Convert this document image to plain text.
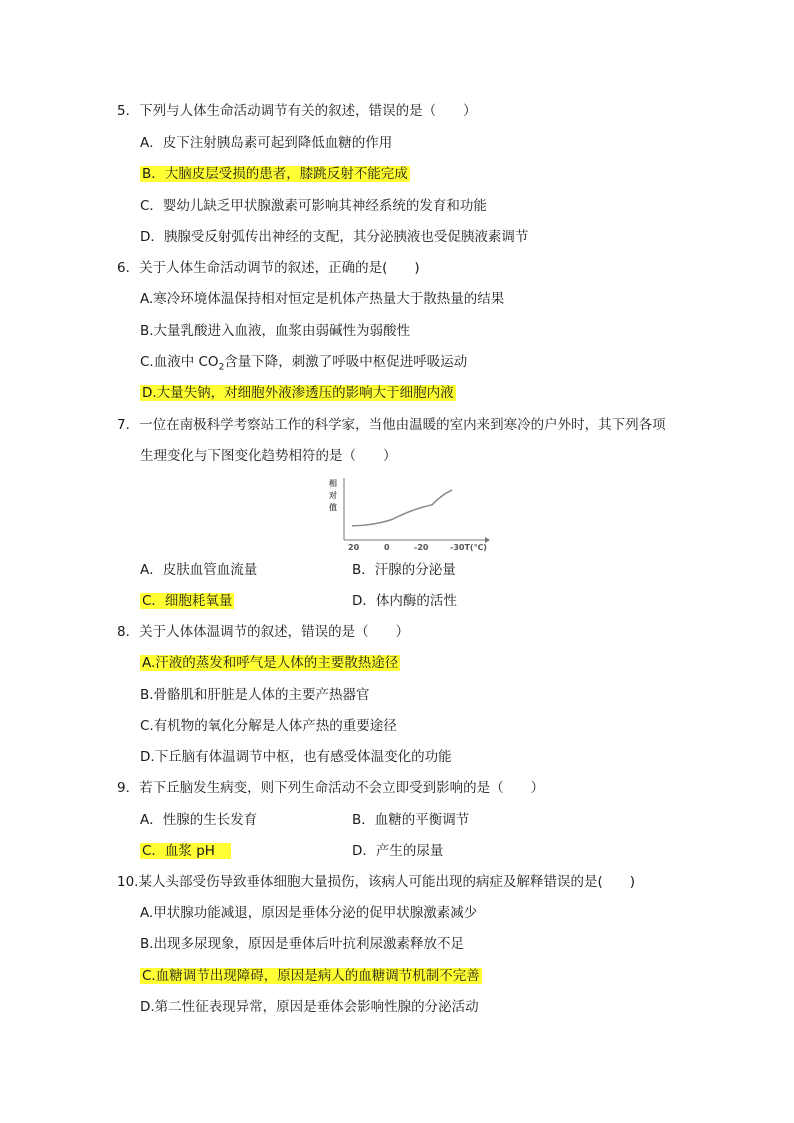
5．下列与人体生命活动调节有关的叙述，错误的是（　　）
A．皮下注射胰岛素可起到降低血糖的作用
B．大脑皮层受损的患者，膝跳反射不能完成
C．婴幼儿缺乏甲状腺激素可影响其神经系统的发育和功能
D．胰腺受反射弧传出神经的支配，其分泌胰液也受促胰液素调节
6．关于人体生命活动调节的叙述，正确的是(　　)
A.寒冷环境体温保持相对恒定是机体产热量大于散热量的结果
B.大量乳酸进入血液，血浆由弱碱性为弱酸性
C.血液中 $CO_2$含量下降，刺激了呼吸中枢促进呼吸运动
D.大量失钠，对细胞外液渗透压的影响大于细胞内液
7．一位在南极科学考察站工作的科学家，当他由温暖的室内来到寒冷的户外时，其下列各项
生理变化与下图变化趋势相符的是（　　）
相
对
值
20	0	-20	-30T(℃)
A．皮肤血管血流量	B．汗腺的分泌量
C．细胞耗氧量	D．体内酶的活性
8．关于人体体温调节的叙述，错误的是（　　）
A.汗液的蒸发和呼气是人体的主要散热途径
B.骨骼肌和肝脏是人体的主要产热器官
C.有机物的氧化分解是人体产热的重要途径
D.下丘脑有体温调节中枢，也有感受体温变化的功能
9．若下丘脑发生病变，则下列生命活动不会立即受到影响的是（　　）
A．性腺的生长发育	B．血糖的平衡调节
C．血浆 pH	D．产生的尿量
10.某人头部受伤导致垂体细胞大量损伤，该病人可能出现的病症及解释错误的是(　　)
A.甲状腺功能减退，原因是垂体分泌的促甲状腺激素减少
B.出现多尿现象，原因是垂体后叶抗利尿激素释放不足
C.血糖调节出现障碍，原因是病人的血糖调节机制不完善
D.第二性征表现异常，原因是垂体会影响性腺的分泌活动
